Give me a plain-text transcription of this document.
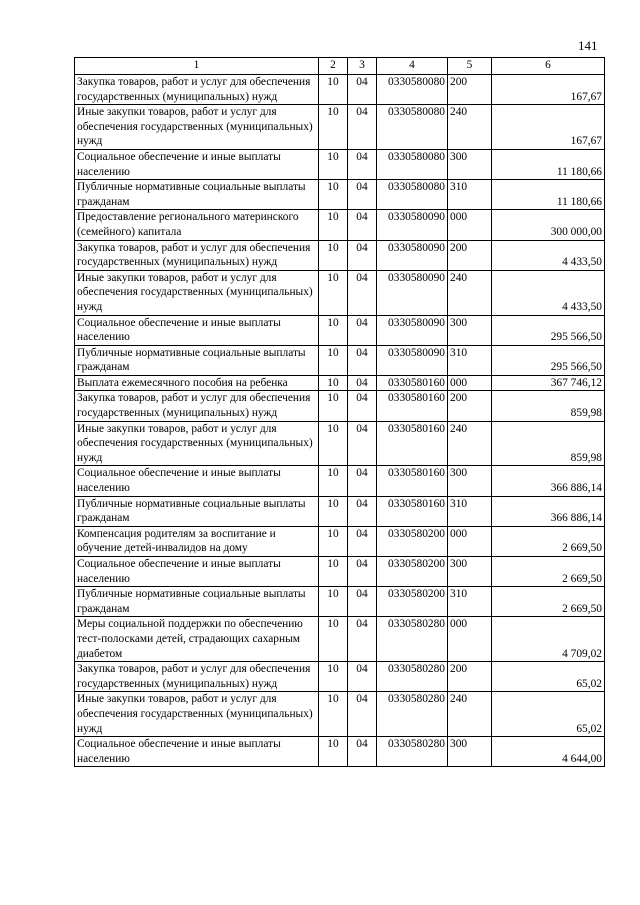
141
1	2	3	4	5	6
Закупка товаров, работ и услуг для обеспечения государственных (муниципальных) нужд	10	04	0330580080	200	167,67
Иные закупки товаров, работ и услуг для обеспечения государственных (муниципальных) нужд	10	04	0330580080	240	167,67
Социальное обеспечение и иные выплаты населению	10	04	0330580080	300	11 180,66
Публичные нормативные социальные выплаты гражданам	10	04	0330580080	310	11 180,66
Предоставление регионального материнского (семейного) капитала	10	04	0330580090	000	300 000,00
Закупка товаров, работ и услуг для обеспечения государственных (муниципальных) нужд	10	04	0330580090	200	4 433,50
Иные закупки товаров, работ и услуг для обеспечения государственных (муниципальных) нужд	10	04	0330580090	240	4 433,50
Социальное обеспечение и иные выплаты населению	10	04	0330580090	300	295 566,50
Публичные нормативные социальные выплаты гражданам	10	04	0330580090	310	295 566,50
Выплата ежемесячного пособия на ребенка	10	04	0330580160	000	367 746,12
Закупка товаров, работ и услуг для обеспечения государственных (муниципальных) нужд	10	04	0330580160	200	859,98
Иные закупки товаров, работ и услуг для обеспечения государственных (муниципальных) нужд	10	04	0330580160	240	859,98
Социальное обеспечение и иные выплаты населению	10	04	0330580160	300	366 886,14
Публичные нормативные социальные выплаты гражданам	10	04	0330580160	310	366 886,14
Компенсация родителям за воспитание и обучение детей-инвалидов на дому	10	04	0330580200	000	2 669,50
Социальное обеспечение и иные выплаты населению	10	04	0330580200	300	2 669,50
Публичные нормативные социальные выплаты гражданам	10	04	0330580200	310	2 669,50
Меры социальной поддержки по обеспечению тест-полосками детей, страдающих сахарным диабетом	10	04	0330580280	000	4 709,02
Закупка товаров, работ и услуг для обеспечения государственных (муниципальных) нужд	10	04	0330580280	200	65,02
Иные закупки товаров, работ и услуг для обеспечения государственных (муниципальных) нужд	10	04	0330580280	240	65,02
Социальное обеспечение и иные выплаты населению	10	04	0330580280	300	4 644,00
